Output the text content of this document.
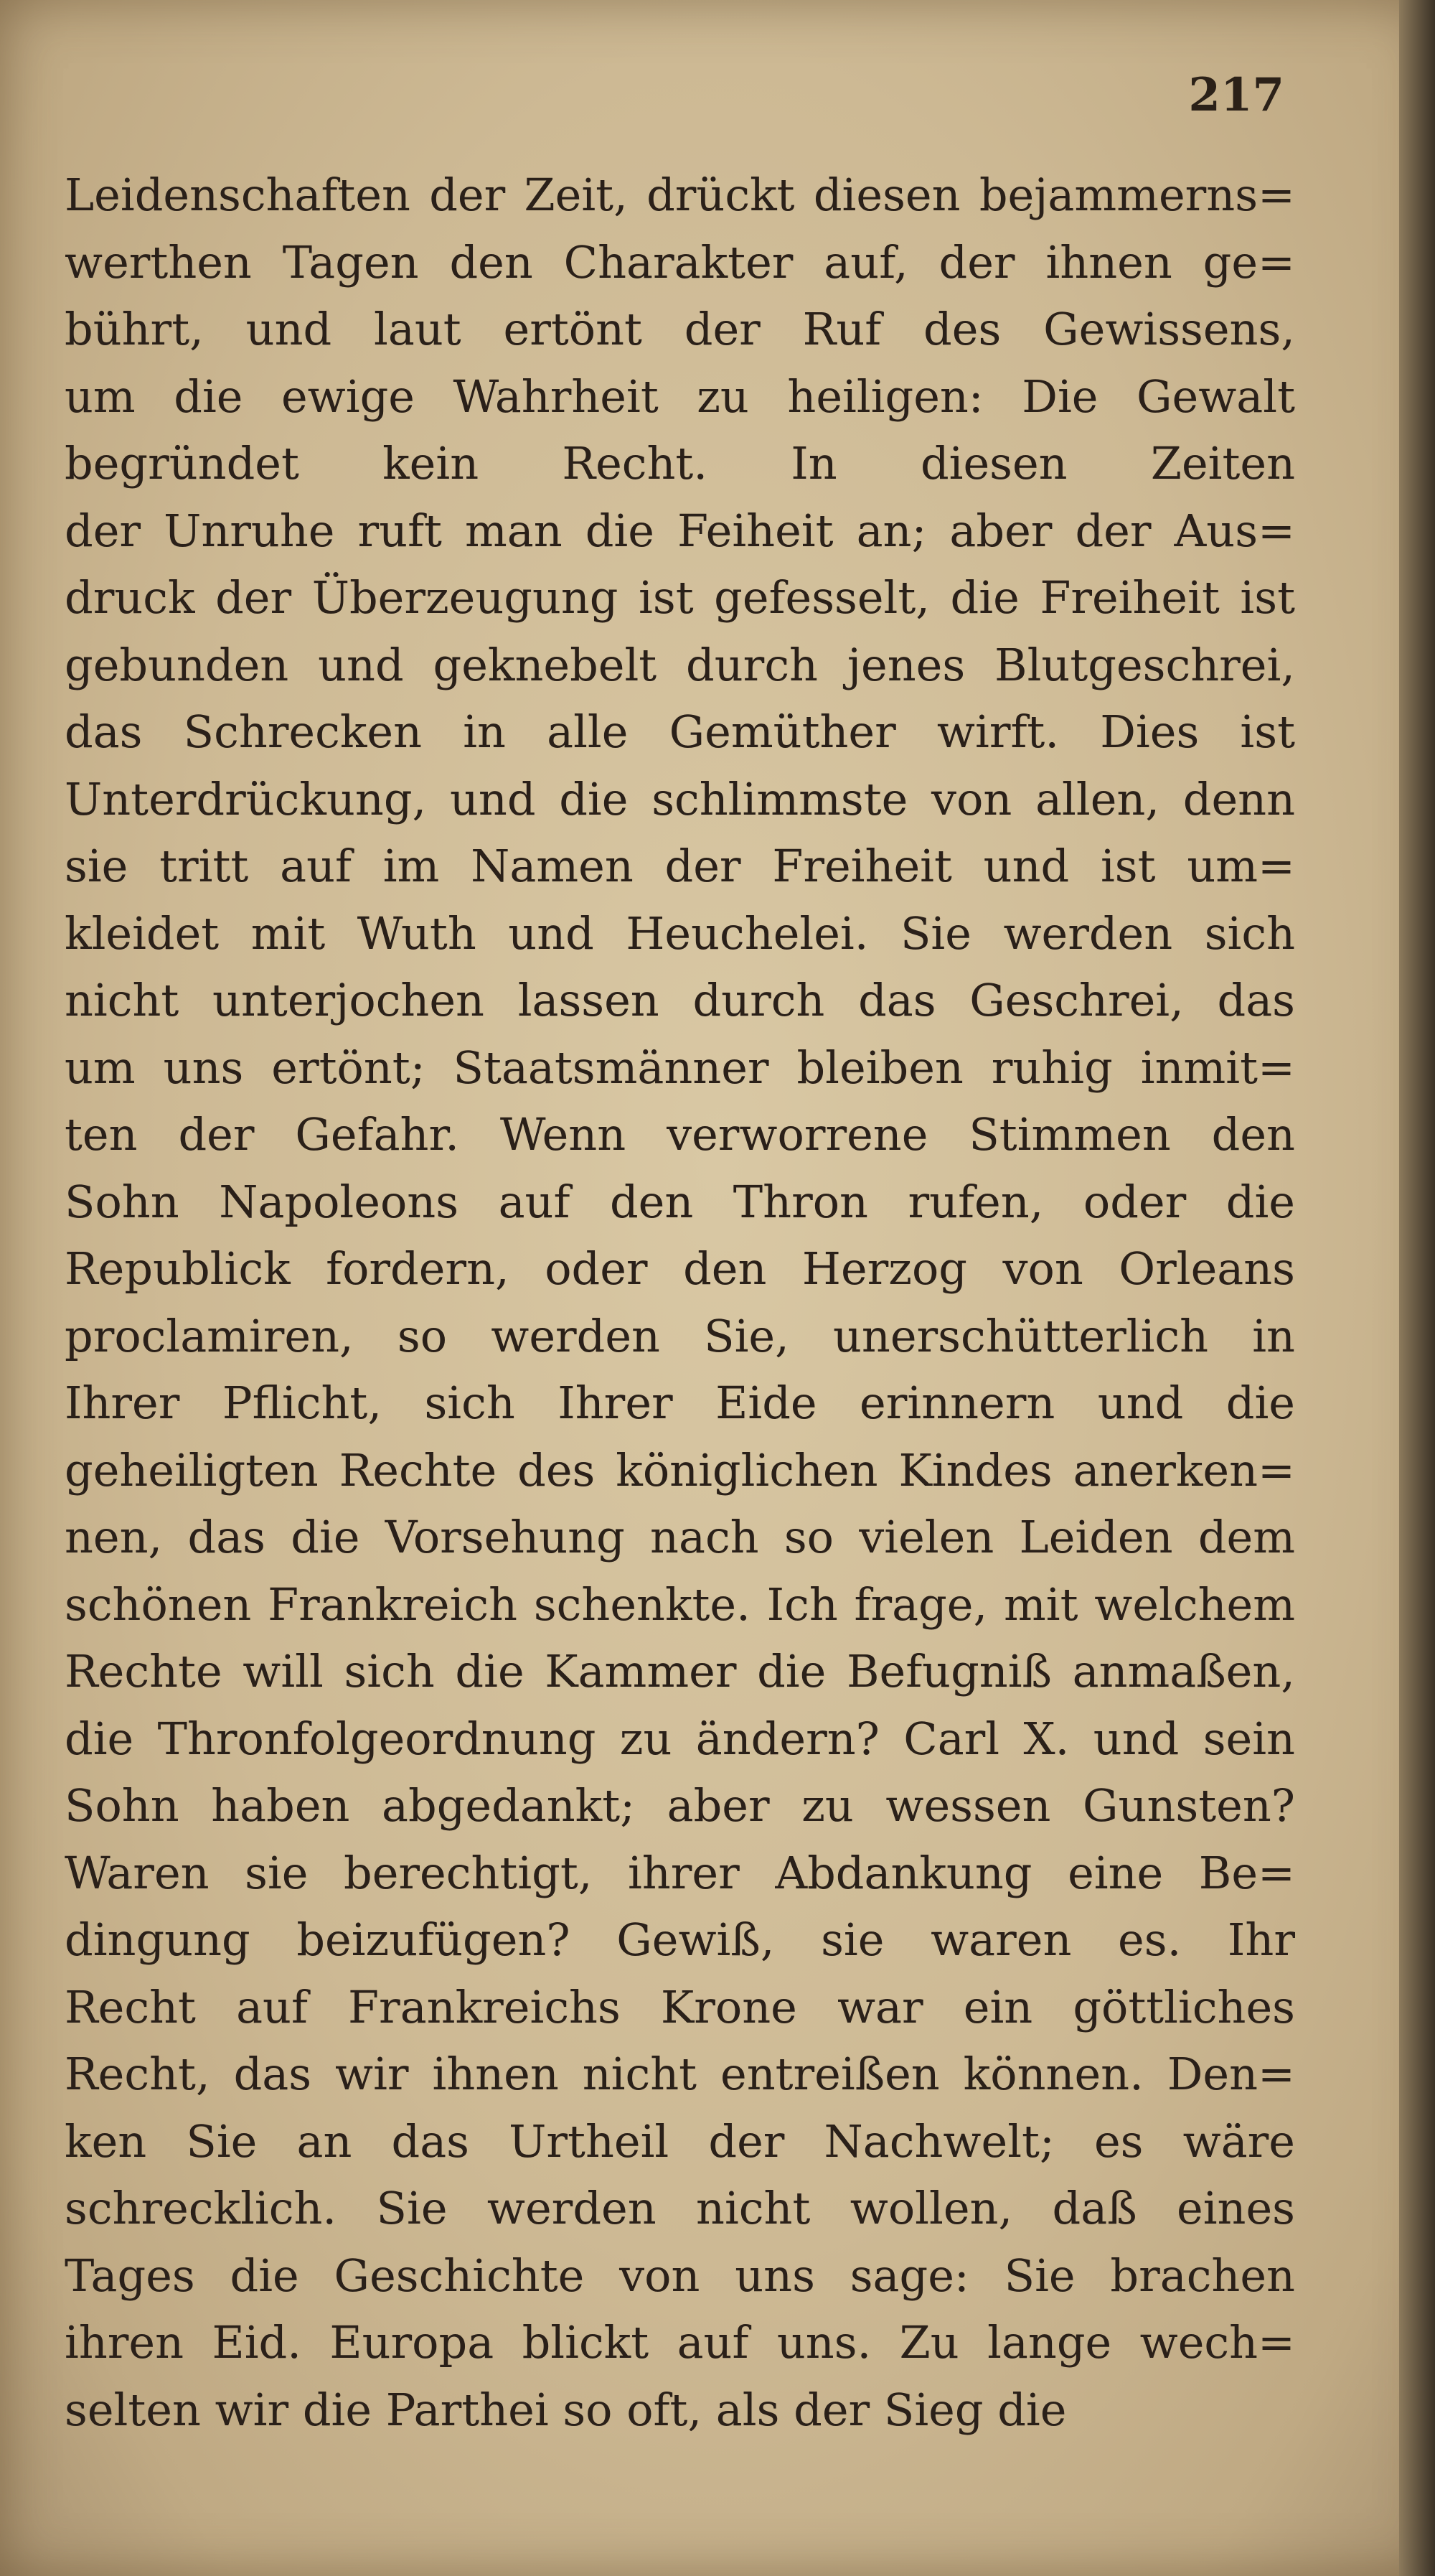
217
Leidenschaften der Zeit, drückt diesen bejammerns=
werthen Tagen den Charakter auf, der ihnen ge=
bührt, und laut ertönt der Ruf des Gewissens,
um die ewige Wahrheit zu heiligen: Die Gewalt
begründet kein Recht. In diesen Zeiten
der Unruhe ruft man die Feiheit an; aber der Aus=
druck der Überzeugung ist gefesselt, die Freiheit ist
gebunden und geknebelt durch jenes Blutgeschrei,
das Schrecken in alle Gemüther wirft. Dies ist
Unterdrückung, und die schlimmste von allen, denn
sie tritt auf im Namen der Freiheit und ist um=
kleidet mit Wuth und Heuchelei. Sie werden sich
nicht unterjochen lassen durch das Geschrei, das
um uns ertönt; Staatsmänner bleiben ruhig inmit=
ten der Gefahr. Wenn verworrene Stimmen den
Sohn Napoleons auf den Thron rufen, oder die
Republick fordern, oder den Herzog von Orleans
proclamiren, so werden Sie, unerschütterlich in
Ihrer Pflicht, sich Ihrer Eide erinnern und die
geheiligten Rechte des königlichen Kindes anerken=
nen, das die Vorsehung nach so vielen Leiden dem
schönen Frankreich schenkte. Ich frage, mit welchem
Rechte will sich die Kammer die Befugniß anmaßen,
die Thronfolgeordnung zu ändern? Carl X. und sein
Sohn haben abgedankt; aber zu wessen Gunsten?
Waren sie berechtigt, ihrer Abdankung eine Be=
dingung beizufügen? Gewiß, sie waren es. Ihr
Recht auf Frankreichs Krone war ein göttliches
Recht, das wir ihnen nicht entreißen können. Den=
ken Sie an das Urtheil der Nachwelt; es wäre
schrecklich. Sie werden nicht wollen, daß eines
Tages die Geschichte von uns sage: Sie brachen
ihren Eid. Europa blickt auf uns. Zu lange wech=
selten wir die Parthei so oft, als der Sieg die
